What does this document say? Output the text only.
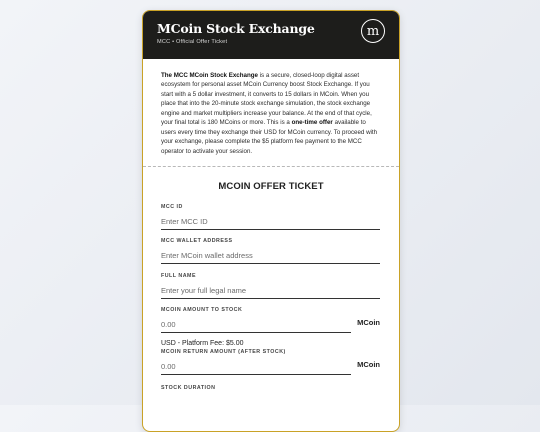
MCoin Stock Exchange
MCC • Official Offer Ticket
m
The MCC MCoin Stock Exchange is a secure, closed-loop digital asset ecosystem for personal asset MCoin Currency boost Stock Exchange. If you start with a 5 dollar investment, it converts to 15 dollars in MCoin. When you place that into the 20-minute stock exchange simulation, the stock exchange engine and market multipliers increase your balance. At the end of that cycle, your final total is 180 MCoins or more. This is a one-time offer available to users every time they exchange their USD for MCoin currency. To proceed with your exchange, please complete the $5 platform fee payment to the MCC operator to activate your session.
MCOIN OFFER TICKET
MCC ID
Enter MCC ID
MCC WALLET ADDRESS
Enter MCoin wallet address
FULL NAME
Enter your full legal name
MCOIN AMOUNT TO STOCK
0.00	MCoin
USD - Platform Fee: $5.00
MCOIN RETURN AMOUNT (AFTER STOCK)
0.00	MCoin
STOCK DURATION
